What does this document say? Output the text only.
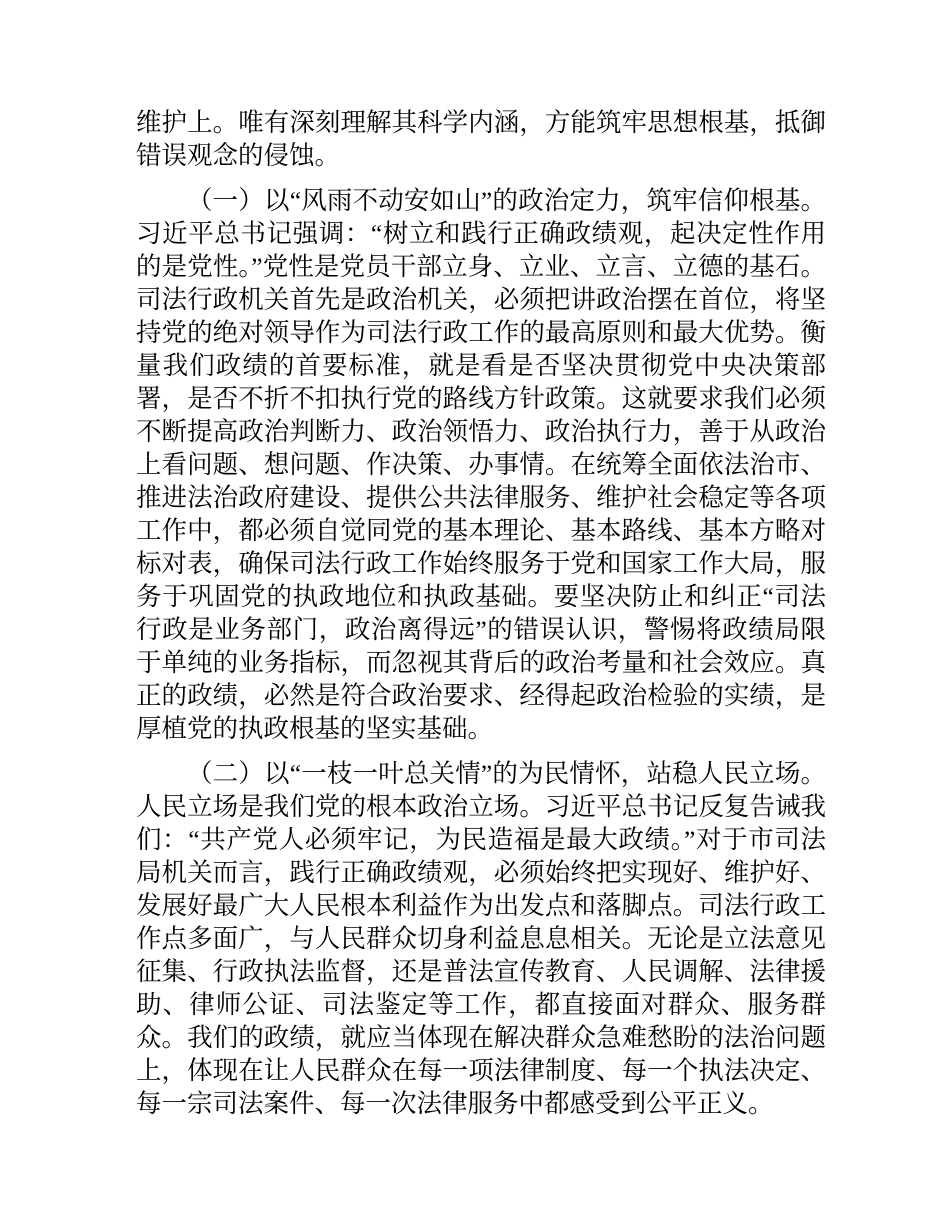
维护上。唯有深刻理解其科学内涵，方能筑牢思想根基，抵御错误观念的侵蚀。

（一）以“风雨不动安如山”的政治定力，筑牢信仰根基。习近平总书记强调：“树立和践行正确政绩观，起决定性作用的是党性。”党性是党员干部立身、立业、立言、立德的基石。司法行政机关首先是政治机关，必须把讲政治摆在首位，将坚持党的绝对领导作为司法行政工作的最高原则和最大优势。衡量我们政绩的首要标准，就是看是否坚决贯彻党中央决策部署，是否不折不扣执行党的路线方针政策。这就要求我们必须不断提高政治判断力、政治领悟力、政治执行力，善于从政治上看问题、想问题、作决策、办事情。在统筹全面依法治市、推进法治政府建设、提供公共法律服务、维护社会稳定等各项工作中，都必须自觉同党的基本理论、基本路线、基本方略对标对表，确保司法行政工作始终服务于党和国家工作大局，服务于巩固党的执政地位和执政基础。要坚决防止和纠正“司法行政是业务部门，政治离得远”的错误认识，警惕将政绩局限于单纯的业务指标，而忽视其背后的政治考量和社会效应。真正的政绩，必然是符合政治要求、经得起政治检验的实绩，是厚植党的执政根基的坚实基础。

（二）以“一枝一叶总关情”的为民情怀，站稳人民立场。人民立场是我们党的根本政治立场。习近平总书记反复告诫我们：“共产党人必须牢记，为民造福是最大政绩。”对于市司法局机关而言，践行正确政绩观，必须始终把实现好、维护好、发展好最广大人民根本利益作为出发点和落脚点。司法行政工作点多面广，与人民群众切身利益息息相关。无论是立法意见征集、行政执法监督，还是普法宣传教育、人民调解、法律援助、律师公证、司法鉴定等工作，都直接面对群众、服务群众。我们的政绩，就应当体现在解决群众急难愁盼的法治问题上，体现在让人民群众在每一项法律制度、每一个执法决定、每一宗司法案件、每一次法律服务中都感受到公平正义。
